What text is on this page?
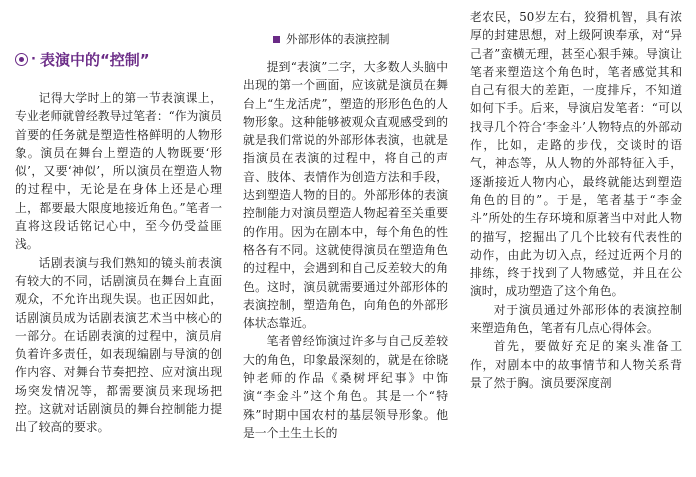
· 表演中的“控制”

记得大学时上的第一节表演课上，专业老师就曾经教导过笔者：“作为演员首要的任务就是塑造性格鲜明的人物形象。演员在舞台上塑造的人物既要‘形似’，又要‘神似’，所以演员在塑造人物的过程中，无论是在身体上还是心理上，都要最大限度地接近角色。”笔者一直将这段话铭记心中，至今仍受益匪浅。

话剧表演与我们熟知的镜头前表演有较大的不同，话剧演员在舞台上直面观众，不允许出现失误。也正因如此，话剧演员成为话剧表演艺术当中核心的一部分。在话剧表演的过程中，演员肩负着许多责任，如表现编剧与导演的创作内容、对舞台节奏把控、应对演出现场突发情况等，都需要演员来现场把控。这就对话剧演员的舞台控制能力提出了较高的要求。

外部形体的表演控制

提到“表演”二字，大多数人头脑中出现的第一个画面，应该就是演员在舞台上“生龙活虎”，塑造的形形色色的人物形象。这种能够被观众直观感受到的就是我们常说的外部形体表演，也就是指演员在表演的过程中，将自己的声音、肢体、表情作为创造方法和手段，达到塑造人物的目的。外部形体的表演控制能力对演员塑造人物起着至关重要的作用。因为在剧本中，每个角色的性格各有不同。这就使得演员在塑造角色的过程中，会遇到和自己反差较大的角色。这时，演员就需要通过外部形体的表演控制，塑造角色，向角色的外部形体状态靠近。

笔者曾经饰演过许多与自己反差较大的角色，印象最深刻的，就是在徐晓钟老师的作品《桑树坪纪事》中饰演“李金斗”这个角色。其是一个“特殊”时期中国农村的基层领导形象。他是一个土生土长的

老农民，50岁左右，狡猾机智，具有浓厚的封建思想，对上级阿谀奉承，对“异己者”蛮横无理，甚至心狠手辣。导演让笔者来塑造这个角色时，笔者感觉其和自己有很大的差距，一度排斥，不知道如何下手。后来，导演启发笔者：“可以找寻几个符合‘李金斗’人物特点的外部动作，比如，走路的步伐，交谈时的语气，神态等，从人物的外部特征入手，逐渐接近人物内心，最终就能达到塑造角色的目的”。于是，笔者基于“李金斗”所处的生存环境和原著当中对此人物的描写，挖掘出了几个比较有代表性的动作，由此为切入点，经过近两个月的排练，终于找到了人物感觉，并且在公演时，成功塑造了这个角色。

对于演员通过外部形体的表演控制来塑造角色，笔者有几点心得体会。

首先，要做好充足的案头准备工作，对剧本中的故事情节和人物关系背景了然于胸。演员要深度剖
